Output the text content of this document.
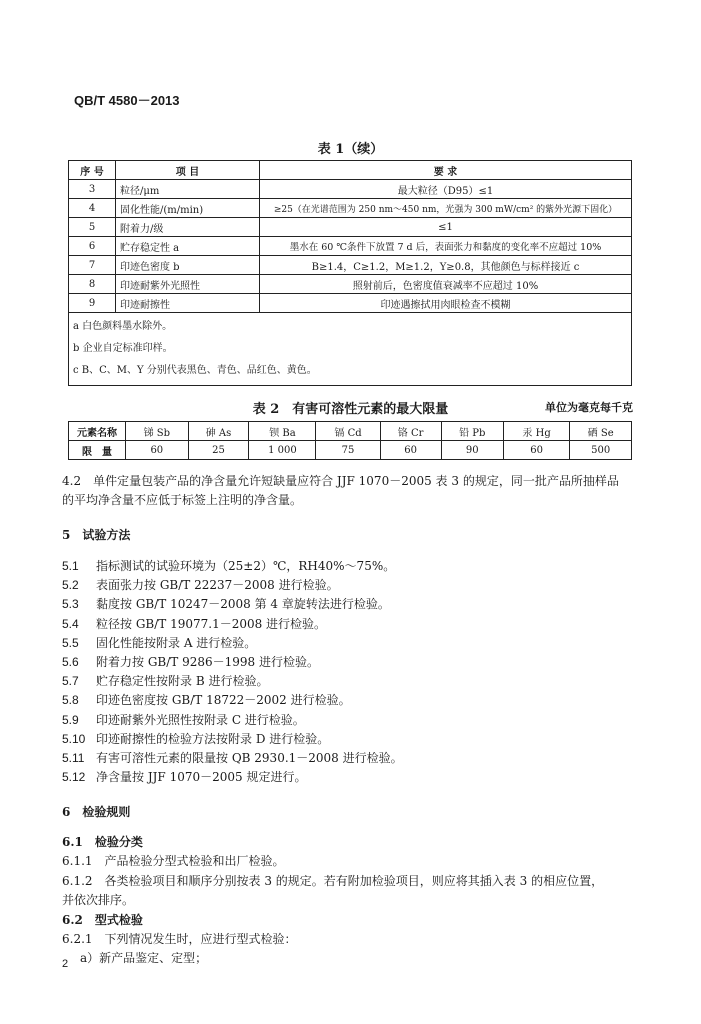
QB/T 4580－2013
表 1（续）
序 号	项 目	要 求
3	粒径/μm	最大粒径（D95）≤1
4	固化性能/(m/min)	≥25（在光谱范围为 250 nm～450 nm，光强为 300 mW/cm² 的紫外光源下固化）
5	附着力/级	≤1
6	贮存稳定性 a	墨水在 60 ℃条件下放置 7 d 后，表面张力和黏度的变化率不应超过 10%
7	印迹色密度 b	B≥1.4，C≥1.2，M≥1.2，Y≥0.8，其他颜色与标样接近 c
8	印迹耐紫外光照性	照射前后，色密度值衰减率不应超过 10%
9	印迹耐擦性	印迹遇擦拭用肉眼检查不模糊

a 白色颜料墨水除外。
b 企业自定标准印样。
c B、C、M、Y 分别代表黑色、青色、品红色、黄色。		
表 2　有害可溶性元素的最大限量	单位为毫克每千克
元素名称	锑 Sb	砷 As	钡 Ba	镉 Cd	铬 Cr	铅 Pb	汞 Hg	硒 Se
限　量	60	25	1 000	75	60	90	60	500
4.2　单件定量包装产品的净含量允许短缺量应符合 JJF 1070－2005 表 3 的规定，同一批产品所抽样品
的平均净含量不应低于标签上注明的净含量。
5　试验方法
5.1 指标测试的试验环境为（25±2）℃，RH40%～75%。
5.2 表面张力按 GB/T 22237－2008 进行检验。
5.3 黏度按 GB/T 10247－2008 第 4 章旋转法进行检验。
5.4 粒径按 GB/T 19077.1－2008 进行检验。
5.5 固化性能按附录 A 进行检验。
5.6 附着力按 GB/T 9286－1998 进行检验。
5.7 贮存稳定性按附录 B 进行检验。
5.8 印迹色密度按 GB/T 18722－2002 进行检验。
5.9 印迹耐紫外光照性按附录 C 进行检验。
5.10 印迹耐擦性的检验方法按附录 D 进行检验。
5.11 有害可溶性元素的限量按 QB 2930.1－2008 进行检验。
5.12 净含量按 JJF 1070－2005 规定进行。
6　检验规则
6.1　检验分类
6.1.1　产品检验分型式检验和出厂检验。
6.1.2　各类检验项目和顺序分别按表 3 的规定。若有附加检验项目，则应将其插入表 3 的相应位置，
并依次排序。
6.2　型式检验
6.2.1　下列情况发生时，应进行型式检验：
a）新产品鉴定、定型；
2
